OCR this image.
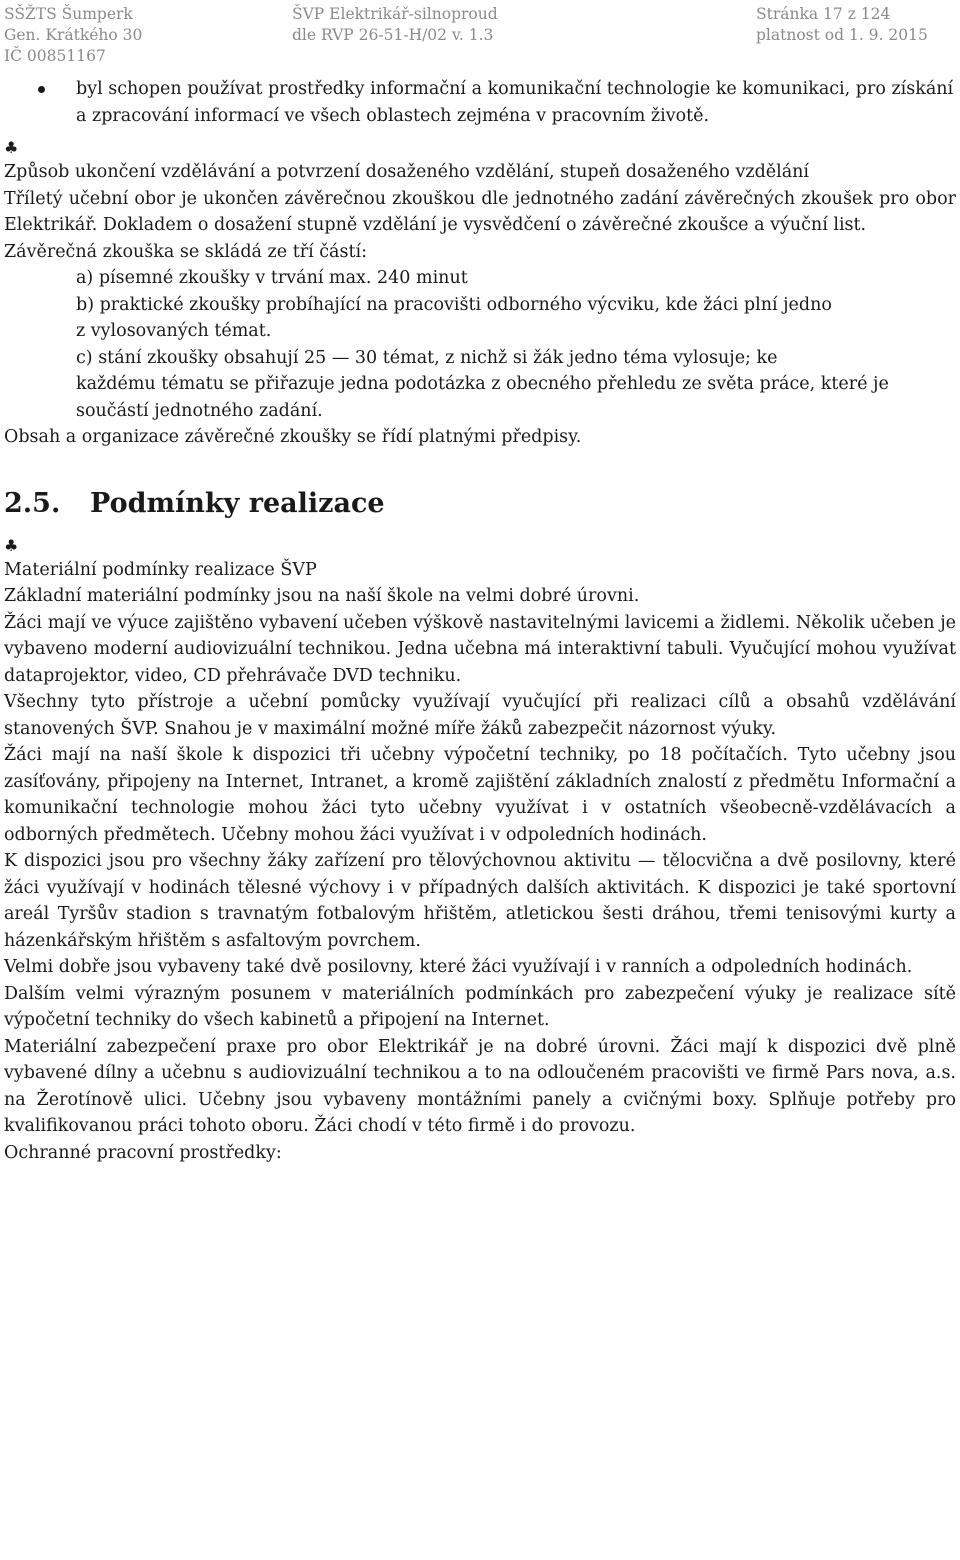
SŠŽTS Šumperk
Gen. Krátkého 30
IČ 00851167
ŠVP Elektrikář-silnoproud
dle RVP 26-51-H/02 v. 1.3
Stránka 17 z 124
platnost od 1. 9. 2015

byl schopen používat prostředky informační a komunikační technologie ke komunikaci, pro získání a zpracování informací ve všech oblastech zejména v pracovním životě.

♣

Způsob ukončení vzdělávání a potvrzení dosaženého vzdělání, stupeň dosaženého vzdělání

Tříletý učební obor je ukončen závěrečnou zkouškou dle jednotného zadání závěrečných zkoušek pro obor Elektrikář. Dokladem o dosažení stupně vzdělání je vysvědčení o závěrečné zkoušce a výuční list.

Závěrečná zkouška se skládá ze tří částí:

a) písemné zkoušky v trvání max. 240 minut

b) praktické zkoušky probíhající na pracovišti odborného výcviku, kde žáci plní jedno

z vylosovaných témat.

c) stání zkoušky obsahují 25 — 30 témat, z nichž si žák jedno téma vylosuje; ke

každému tématu se přiřazuje jedna podotázka z obecného přehledu ze světa práce, které je součástí jednotného zadání.

Obsah a organizace závěrečné zkoušky se řídí platnými předpisy.

2.5. Podmínky realizace
♣

Materiální podmínky realizace ŠVP

Základní materiální podmínky jsou na naší škole na velmi dobré úrovni.

Žáci mají ve výuce zajištěno vybavení učeben výškově nastavitelnými lavicemi a židlemi. Několik učeben je vybaveno moderní audiovizuální technikou. Jedna učebna má interaktivní tabuli. Vyučující mohou využívat dataprojektor, video, CD přehrávače DVD techniku.

Všechny tyto přístroje a učební pomůcky využívají vyučující při realizaci cílů a obsahů vzdělávání stanovených ŠVP. Snahou je v maximální možné míře žáků zabezpečit názornost výuky.

Žáci mají na naší škole k dispozici tři učebny výpočetní techniky, po 18 počítačích. Tyto učebny jsou zasíťovány, připojeny na Internet, Intranet, a kromě zajištění základních znalostí z předmětu Informační a komunikační technologie mohou žáci tyto učebny využívat i v ostatních všeobecně-vzdělávacích a odborných předmětech. Učebny mohou žáci využívat i v odpoledních hodinách.

K dispozici jsou pro všechny žáky zařízení pro tělovýchovnou aktivitu — tělocvična a dvě posilovny, které žáci využívají v hodinách tělesné výchovy i v případných dalších aktivitách. K dispozici je také sportovní areál Tyršův stadion s travnatým fotbalovým hřištěm, atletickou šesti dráhou, třemi tenisovými kurty a házenkářským hřištěm s asfaltovým povrchem.

Velmi dobře jsou vybaveny také dvě posilovny, které žáci využívají i v ranních a odpoledních hodinách.

Dalším velmi výrazným posunem v materiálních podmínkách pro zabezpečení výuky je realizace sítě výpočetní techniky do všech kabinetů a připojení na Internet.

Materiální zabezpečení praxe pro obor Elektrikář je na dobré úrovni. Žáci mají k dispozici dvě plně vybavené dílny a učebnu s audiovizuální technikou a to na odloučeném pracovišti ve firmě Pars nova, a.s. na Žerotínově ulici. Učebny jsou vybaveny montážními panely a cvičnými boxy. Splňuje potřeby pro kvalifikovanou práci tohoto oboru. Žáci chodí v této firmě i do provozu.

Ochranné pracovní prostředky:
